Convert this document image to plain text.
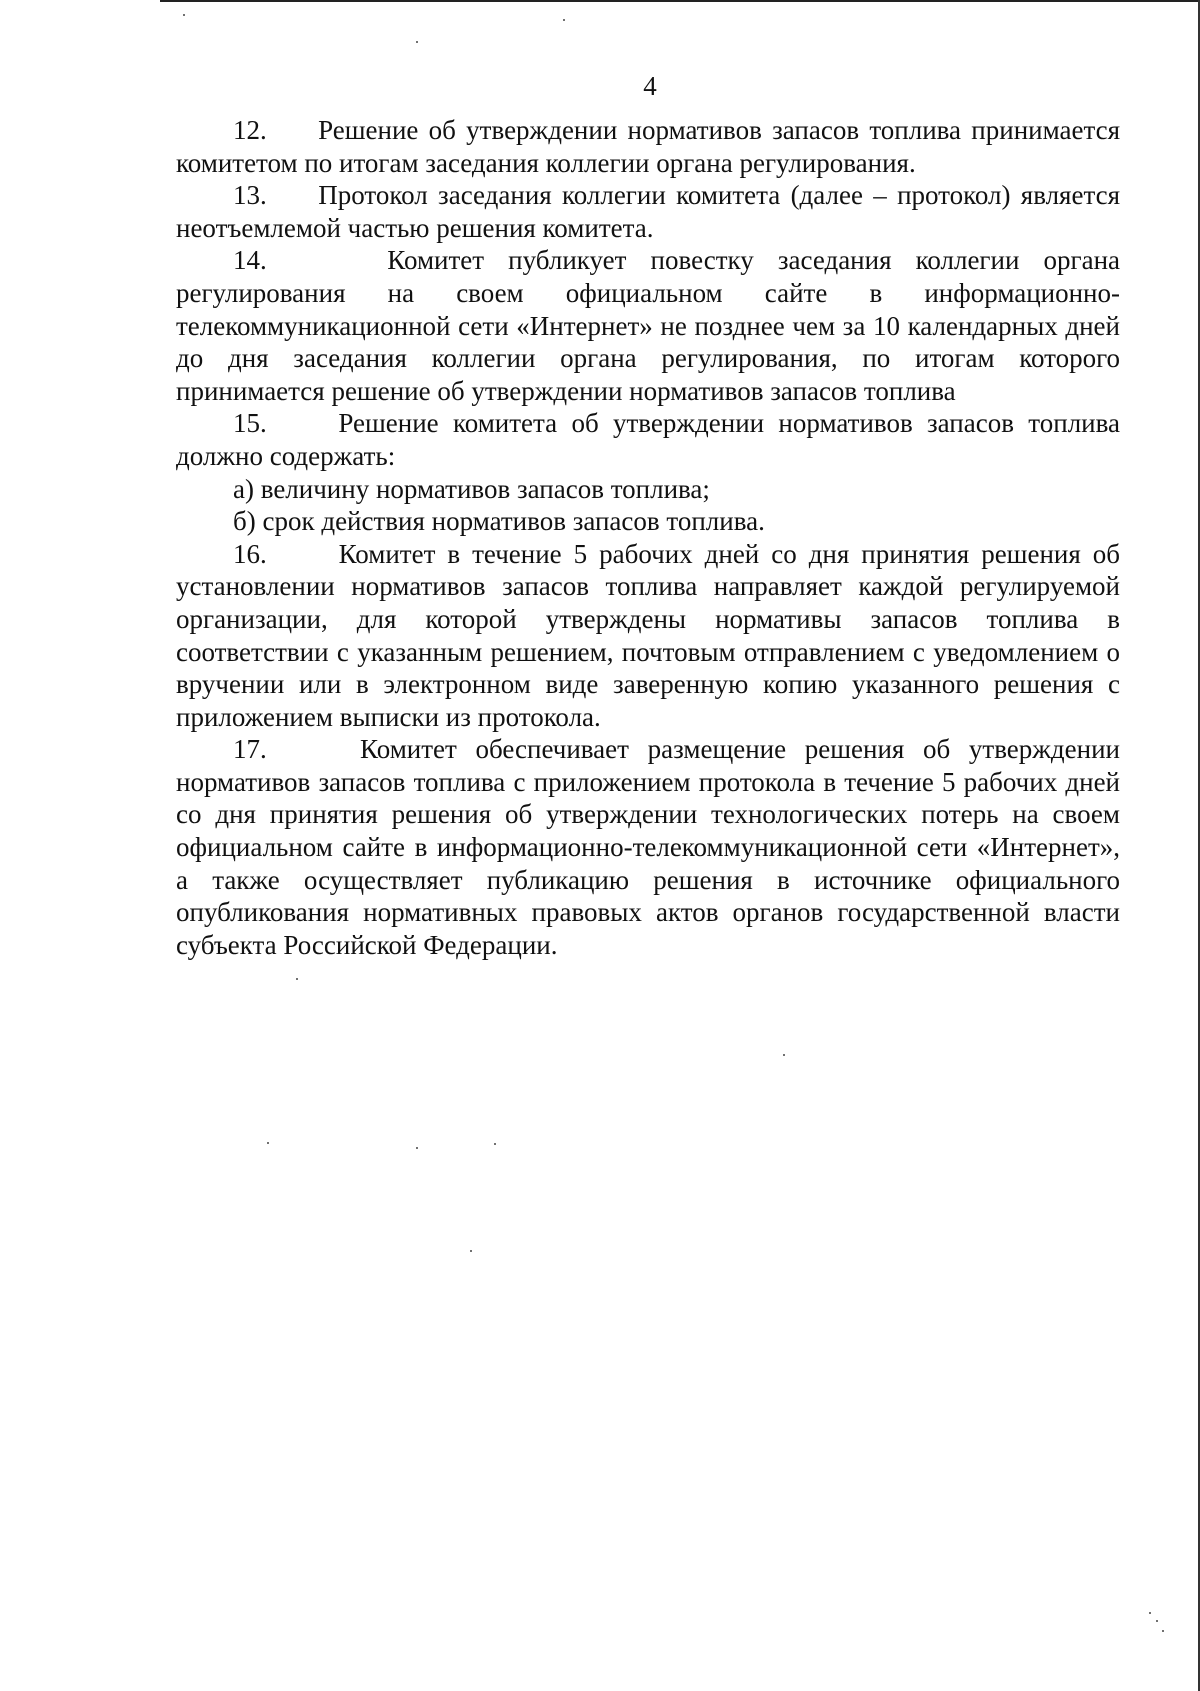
4

12.     Решение об утверждении нормативов запасов топлива принимается комитетом по итогам заседания коллегии органа регулирования.

13.     Протокол заседания коллегии комитета (далее – протокол) является неотъемлемой частью решения комитета.

14.     Комитет публикует повестку заседания коллегии органа регулирования на своем официальном сайте в информационно-телекоммуникационной сети «Интернет» не позднее чем за 10 календарных дней до дня заседания коллегии органа регулирования, по итогам которого принимается решение об утверждении нормативов запасов топлива

15.     Решение комитета об утверждении нормативов запасов топлива должно содержать:

а) величину нормативов запасов топлива;

б) срок действия нормативов запасов топлива.

16.      Комитет в течение 5 рабочих дней со дня принятия решения об установлении нормативов запасов топлива направляет каждой регулируемой организации, для которой утверждены нормативы запасов топлива в соответствии с указанным решением, почтовым отправлением с уведомлением о вручении или в электронном виде заверенную копию указанного решения с приложением выписки из протокола.

17.     Комитет обеспечивает размещение решения об утверждении нормативов запасов топлива с приложением протокола в течение 5 рабочих дней со дня принятия решения об утверждении технологических потерь на своем официальном сайте в информационно-телекоммуникационной сети «Интернет», а также осуществляет публикацию решения в источнике официального опубликования нормативных правовых актов органов государственной власти субъекта Российской Федерации.
